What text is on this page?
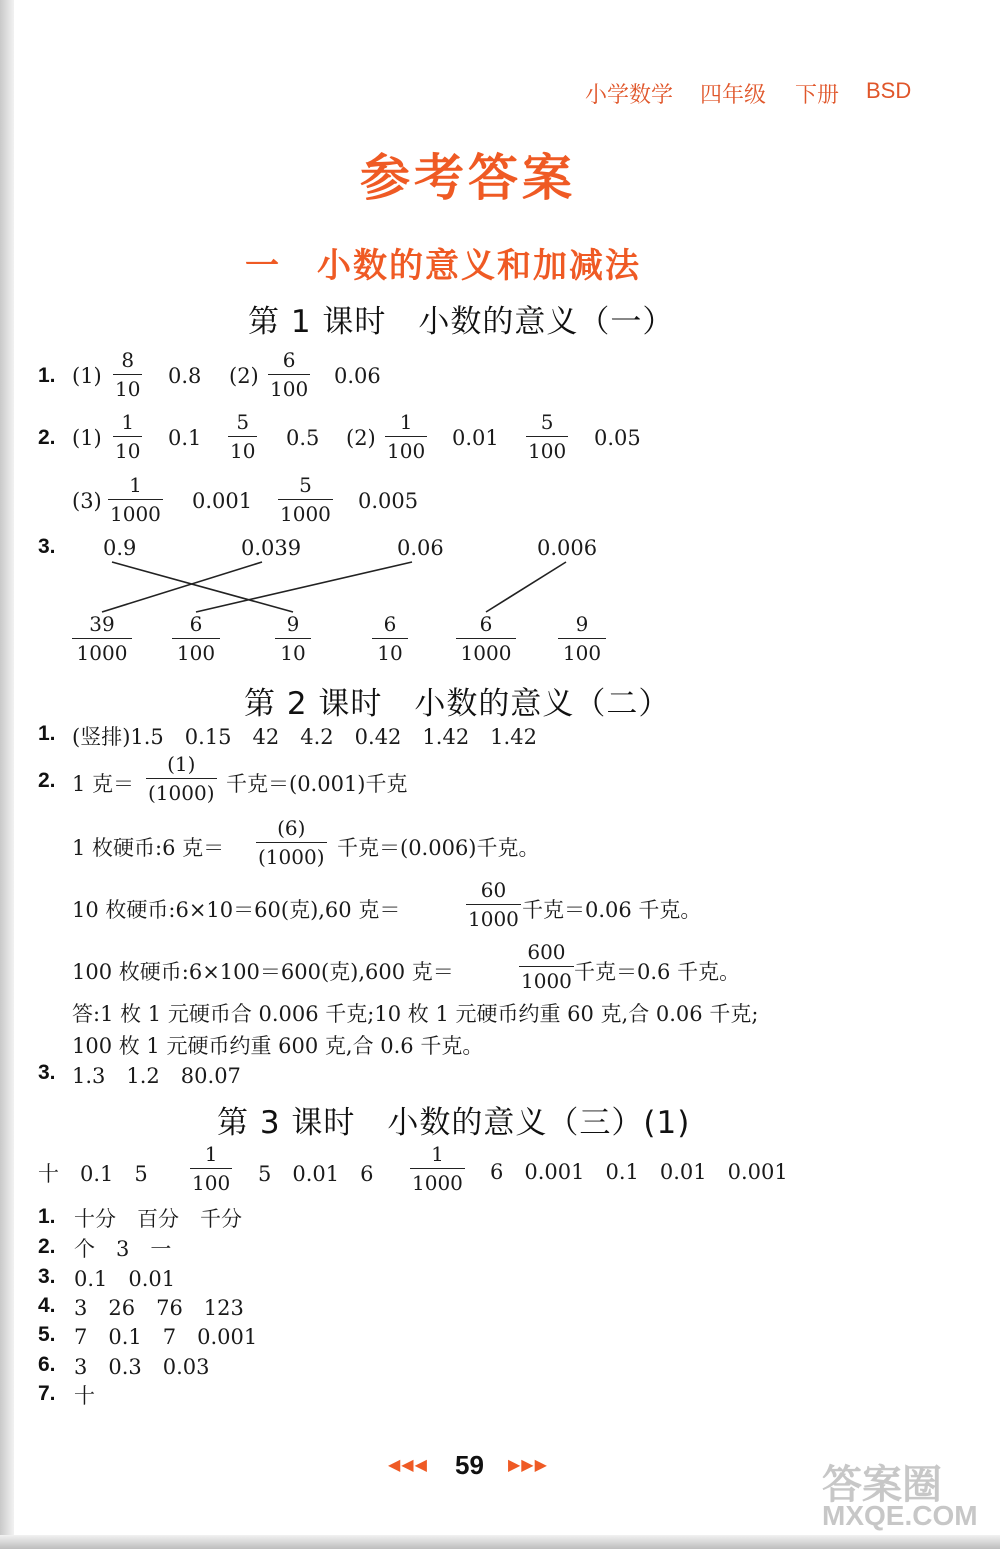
小学数学 四年级 下册 BSD
参考答案
一　小数的意义和加减法
第 1 课时　小数的意义（一）
1. (1)
8
10
0.8 (2)
6
100
0.06
2. (1)
1
10
0.1
5
10
0.5 (2)
1
100
0.01
5
100
0.05
(3)
1
1000
0.001
5
1000
0.005
3. 0.9	0.039	0.06	0.006
39
1000
6
100
9
10
6
10
6
1000
9
100
第 2 课时　小数的意义（二）
1. (竖排)1.5　0.15　42　4.2　0.42　1.42　1.42
2. 1 克＝
(1)
(1000) 千克＝(0.001)千克
1 枚硬币:6 克＝
(6)
(1000) 千克＝(0.006)千克。
10 枚硬币:6×10＝60(克),60 克＝
60
1000 千克＝0.06 千克。
100 枚硬币:6×100＝600(克),600 克＝
600
1000 千克＝0.6 千克。
答:1 枚 1 元硬币合 0.006 千克;10 枚 1 元硬币约重 60 克,合 0.06 千克;
100 枚 1 元硬币约重 600 克,合 0.6 千克。
3. 1.3　1.2　80.07
第 3 课时　小数的意义（三）(1)
十　0.1　5
1
100 5　0.01　6
1
1000 6　0.001　0.1　0.01　0.001
1. 十分　百分　千分
2. 个　3　一
3. 0.1　0.01
4. 3　26　76　123
5. 7　0.1　7　0.001
6. 3　0.3　0.03
7. 十
◀◀◀ 59 ▶▶▶	答案圈
MXQE.COM
